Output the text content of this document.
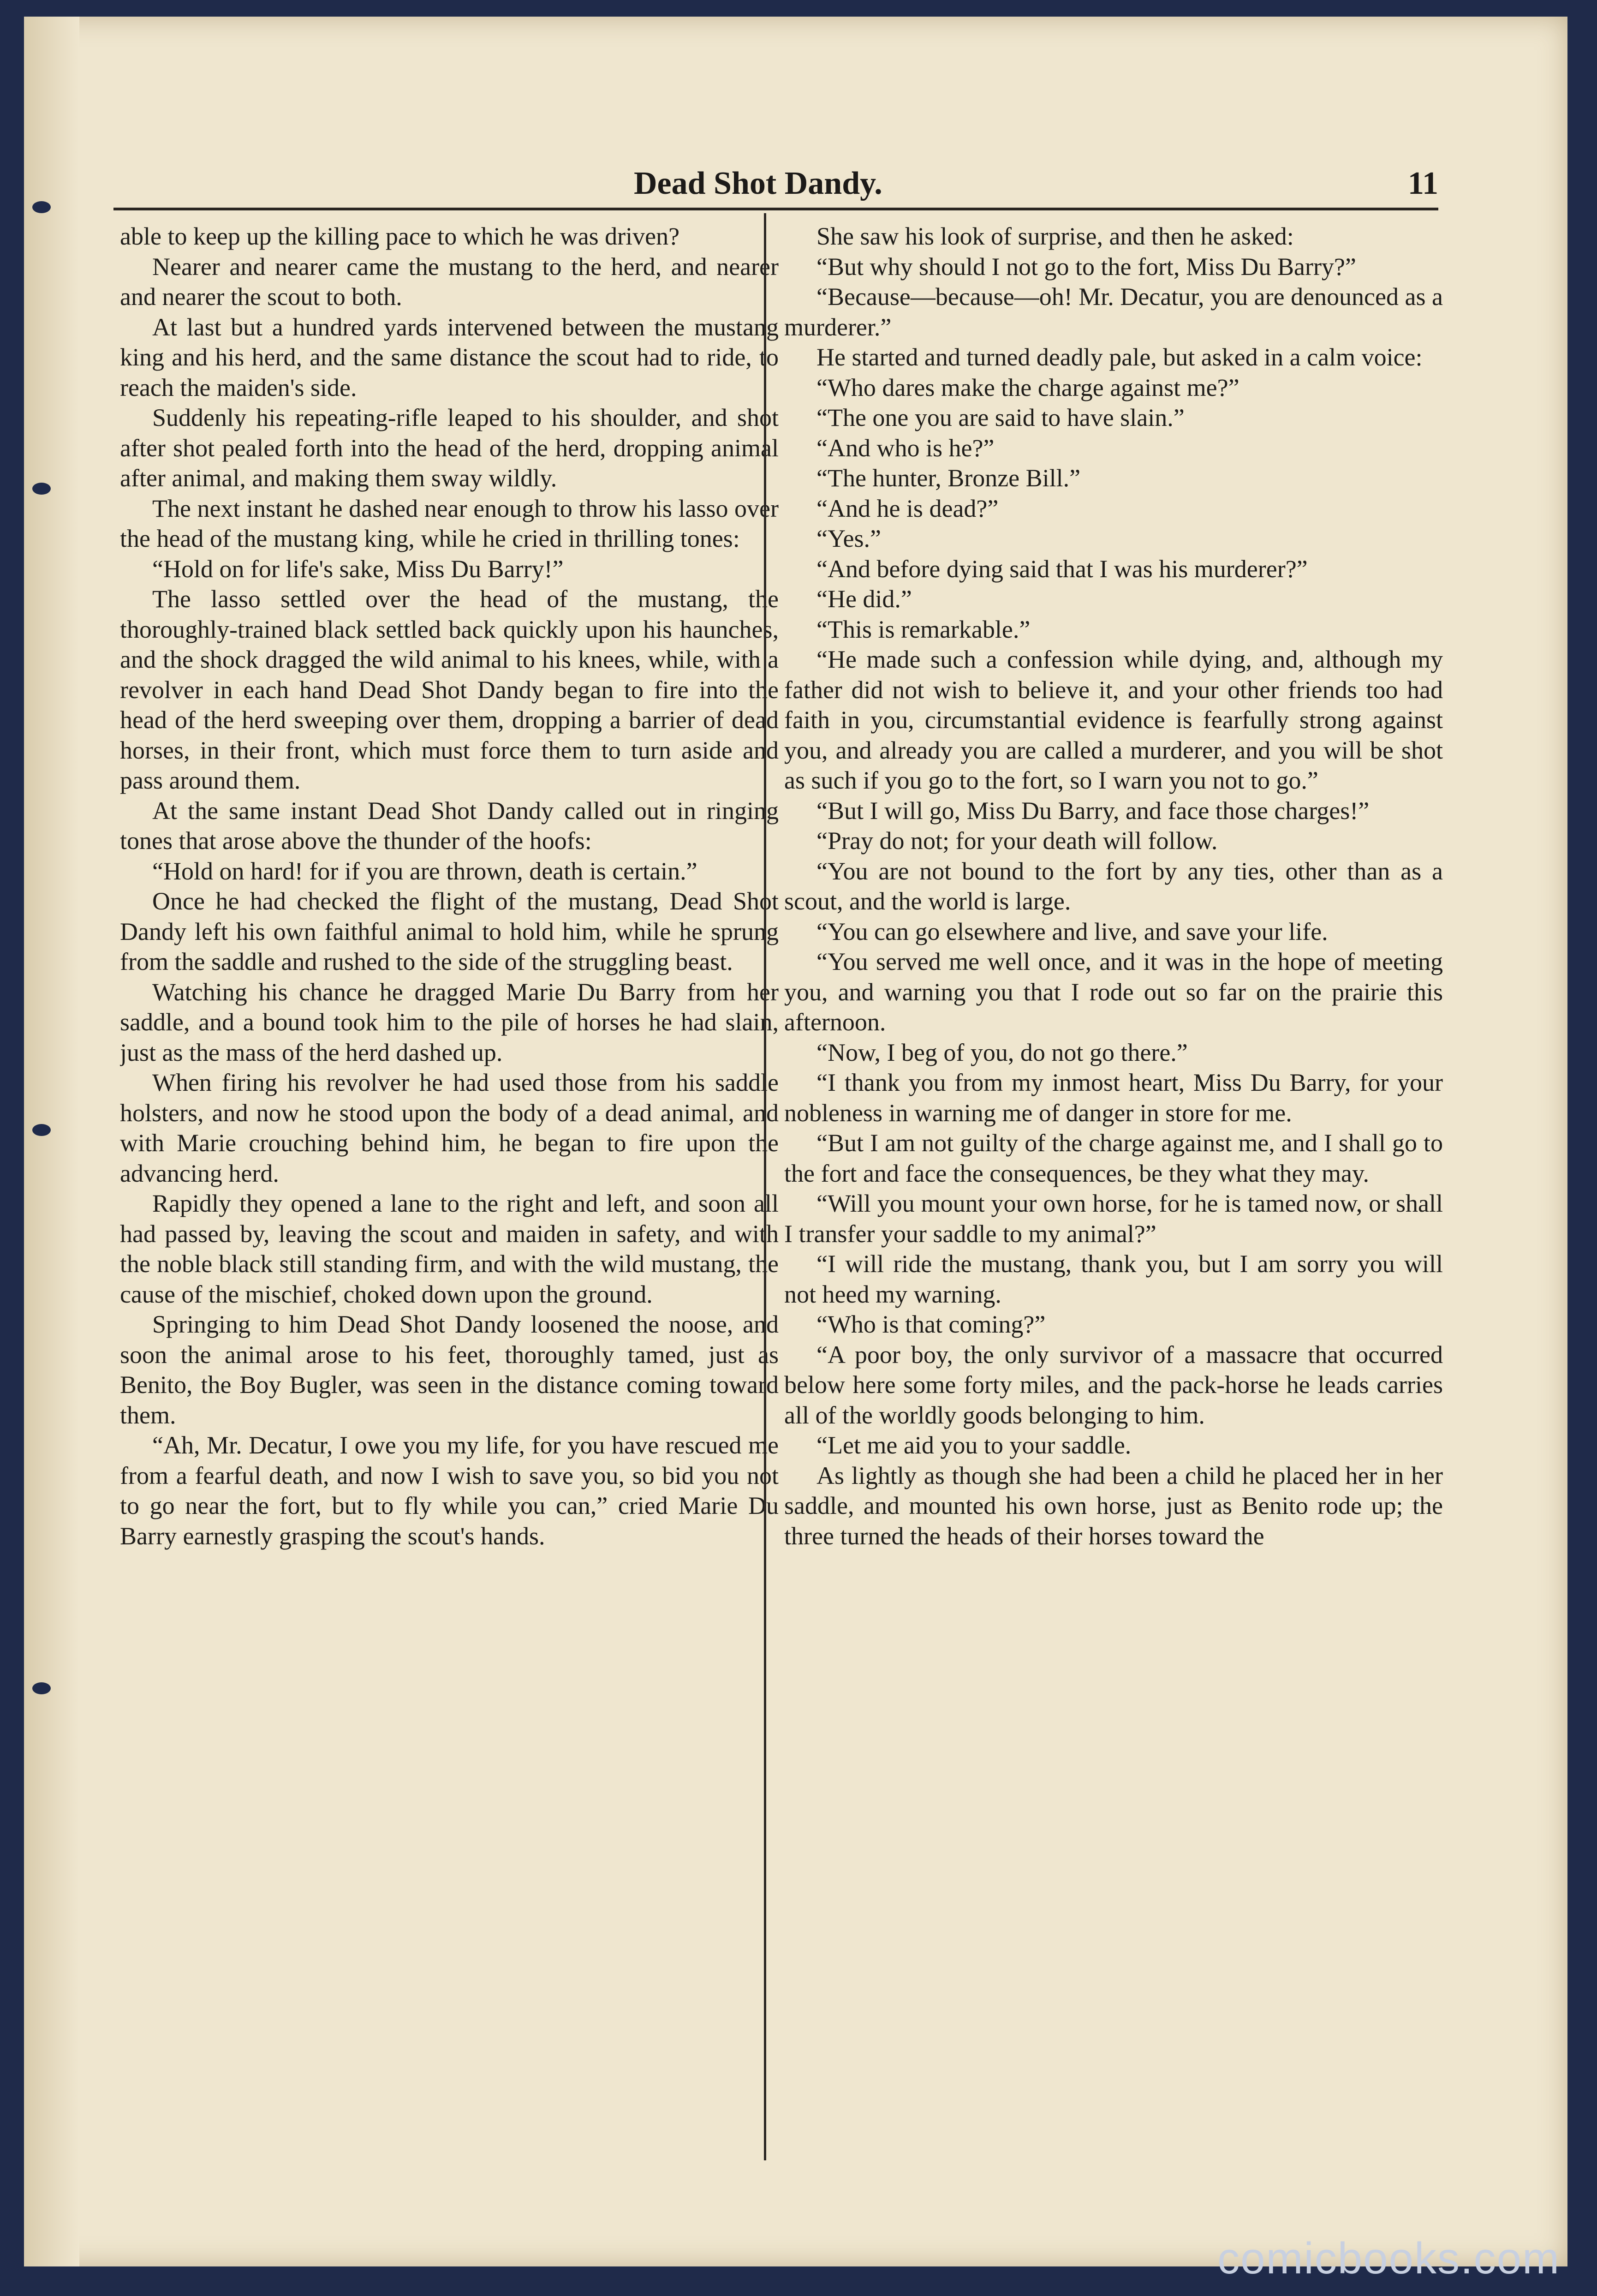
Dead Shot Dandy.	11

able to keep up the killing pace to which he was driven?

Nearer and nearer came the mustang to the herd, and nearer and nearer the scout to both.

At last but a hundred yards intervened between the mustang king and his herd, and the same distance the scout had to ride, to reach the maiden's side.

Suddenly his repeating-rifle leaped to his shoulder, and shot after shot pealed forth into the head of the herd, dropping animal after animal, and making them sway wildly.

The next instant he dashed near enough to throw his lasso over the head of the mustang king, while he cried in thrilling tones:

“Hold on for life's sake, Miss Du Barry!”

The lasso settled over the head of the mustang, the thoroughly-trained black settled back quickly upon his haunches, and the shock dragged the wild animal to his knees, while, with a revolver in each hand Dead Shot Dandy began to fire into the head of the herd sweeping over them, dropping a barrier of dead horses, in their front, which must force them to turn aside and pass around them.

At the same instant Dead Shot Dandy called out in ringing tones that arose above the thunder of the hoofs:

“Hold on hard! for if you are thrown, death is certain.”

Once he had checked the flight of the mustang, Dead Shot Dandy left his own faithful animal to hold him, while he sprung from the saddle and rushed to the side of the struggling beast.

Watching his chance he dragged Marie Du Barry from her saddle, and a bound took him to the pile of horses he had slain, just as the mass of the herd dashed up.

When firing his revolver he had used those from his saddle holsters, and now he stood upon the body of a dead animal, and with Marie crouching behind him, he began to fire upon the advancing herd.

Rapidly they opened a lane to the right and left, and soon all had passed by, leaving the scout and maiden in safety, and with the noble black still standing firm, and with the wild mustang, the cause of the mischief, choked down upon the ground.

Springing to him Dead Shot Dandy loosened the noose, and soon the animal arose to his feet, thoroughly tamed, just as Benito, the Boy Bugler, was seen in the distance coming toward them.

“Ah, Mr. Decatur, I owe you my life, for you have rescued me from a fearful death, and now I wish to save you, so bid you not to go near the fort, but to fly while you can,” cried Marie Du Barry earnestly grasping the scout's hands.

She saw his look of surprise, and then he asked:

“But why should I not go to the fort, Miss Du Barry?”

“Because—because—oh! Mr. Decatur, you are denounced as a murderer.”

He started and turned deadly pale, but asked in a calm voice:

“Who dares make the charge against me?”

“The one you are said to have slain.”

“And who is he?”

“The hunter, Bronze Bill.”

“And he is dead?”

“Yes.”

“And before dying said that I was his murderer?”

“He did.”

“This is remarkable.”

“He made such a confession while dying, and, although my father did not wish to believe it, and your other friends too had faith in you, circumstantial evidence is fearfully strong against you, and already you are called a murderer, and you will be shot as such if you go to the fort, so I warn you not to go.”

“But I will go, Miss Du Barry, and face those charges!”

“Pray do not; for your death will follow.

“You are not bound to the fort by any ties, other than as a scout, and the world is large.

“You can go elsewhere and live, and save your life.

“You served me well once, and it was in the hope of meeting you, and warning you that I rode out so far on the prairie this afternoon.

“Now, I beg of you, do not go there.”

“I thank you from my inmost heart, Miss Du Barry, for your nobleness in warning me of danger in store for me.

“But I am not guilty of the charge against me, and I shall go to the fort and face the consequences, be they what they may.

“Will you mount your own horse, for he is tamed now, or shall I transfer your saddle to my animal?”

“I will ride the mustang, thank you, but I am sorry you will not heed my warning.

“Who is that coming?”

“A poor boy, the only survivor of a massacre that occurred below here some forty miles, and the pack-horse he leads carries all of the worldly goods belonging to him.

“Let me aid you to your saddle.

As lightly as though she had been a child he placed her in her saddle, and mounted his own horse, just as Benito rode up; the three turned the heads of their horses toward the

comicbooks.com
